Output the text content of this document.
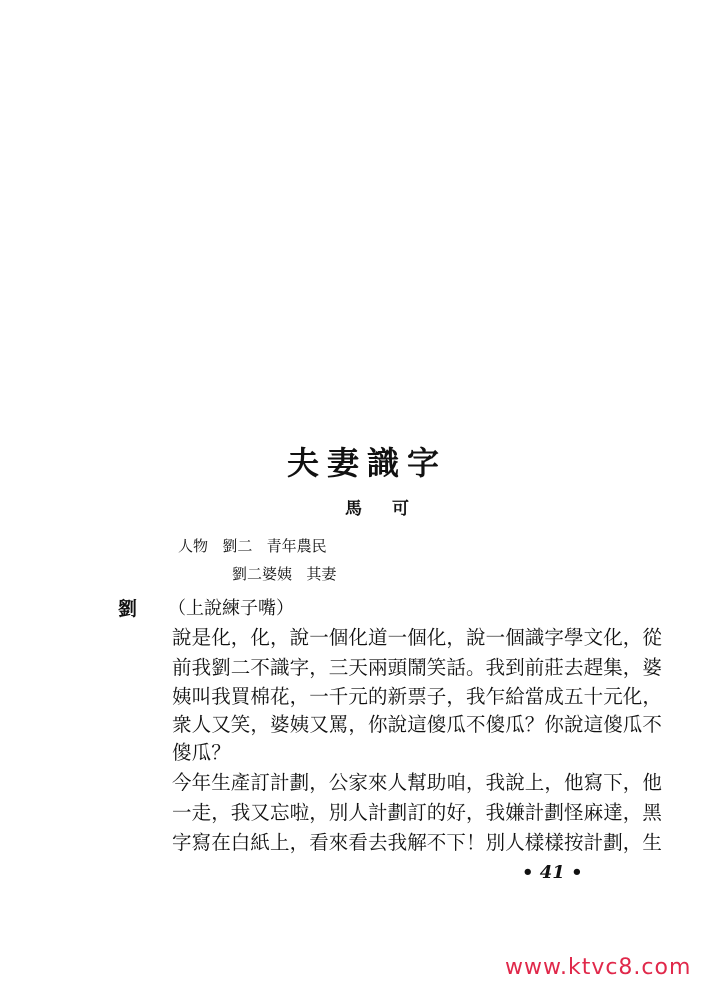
夫妻識字
馬可
人物 劉二 青年農民
劉二婆姨 其妻
劉 （上說練子嘴）
說是化，化，說一個化道一個化，說一個識字學文化，從
前我劉二不識字，三天兩頭鬧笑話。我到前莊去趕集，婆
姨叫我買棉花，一千元的新票子，我乍給當成五十元化，
衆人又笑，婆姨又罵，你說這傻瓜不傻瓜？你說這傻瓜不
傻瓜？
今年生產訂計劃，公家來人幫助咱，我說上，他寫下，他
一走，我又忘啦，別人計劃訂的好，我嫌計劃怪麻達，黑
字寫在白紙上，看來看去我解不下！別人樣樣按計劃，生
• 41 •
www.ktvc8.com
